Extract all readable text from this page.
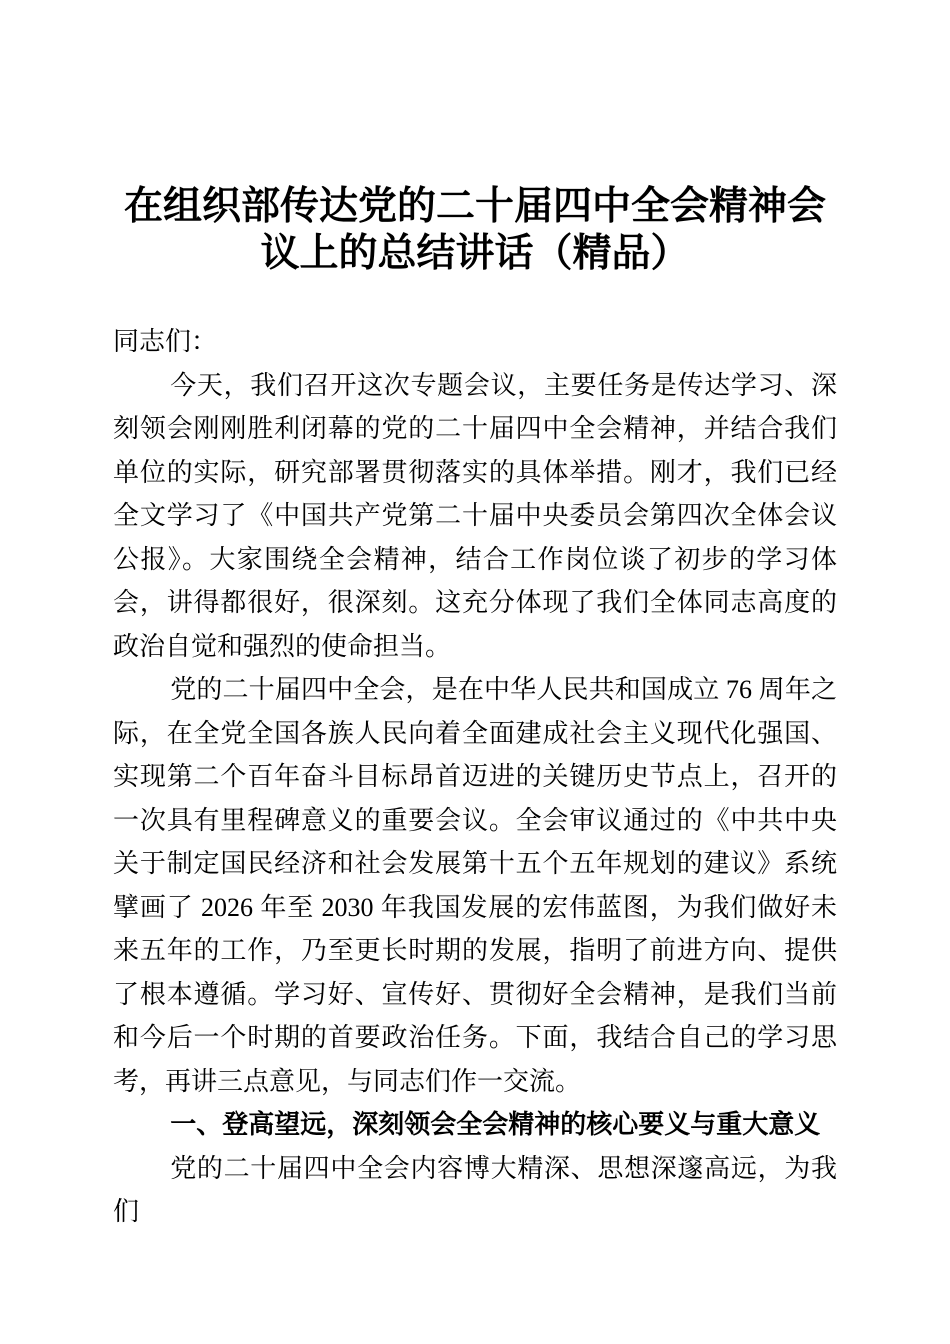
在组织部传达党的二十届四中全会精神会议上的总结讲话（精品）

同志们：

今天，我们召开这次专题会议，主要任务是传达学习、深刻领会刚刚胜利闭幕的党的二十届四中全会精神，并结合我们单位的实际，研究部署贯彻落实的具体举措。刚才，我们已经全文学习了《中国共产党第二十届中央委员会第四次全体会议公报》。大家围绕全会精神，结合工作岗位谈了初步的学习体会，讲得都很好，很深刻。这充分体现了我们全体同志高度的政治自觉和强烈的使命担当。

党的二十届四中全会，是在中华人民共和国成立 76 周年之际，在全党全国各族人民向着全面建成社会主义现代化强国、实现第二个百年奋斗目标昂首迈进的关键历史节点上，召开的一次具有里程碑意义的重要会议。全会审议通过的《中共中央关于制定国民经济和社会发展第十五个五年规划的建议》系统擘画了 2026 年至 2030 年我国发展的宏伟蓝图，为我们做好未来五年的工作，乃至更长时期的发展，指明了前进方向、提供了根本遵循。学习好、宣传好、贯彻好全会精神，是我们当前和今后一个时期的首要政治任务。下面，我结合自己的学习思考，再讲三点意见，与同志们作一交流。

一、登高望远，深刻领会全会精神的核心要义与重大意义

党的二十届四中全会内容博大精深、思想深邃高远，为我们
